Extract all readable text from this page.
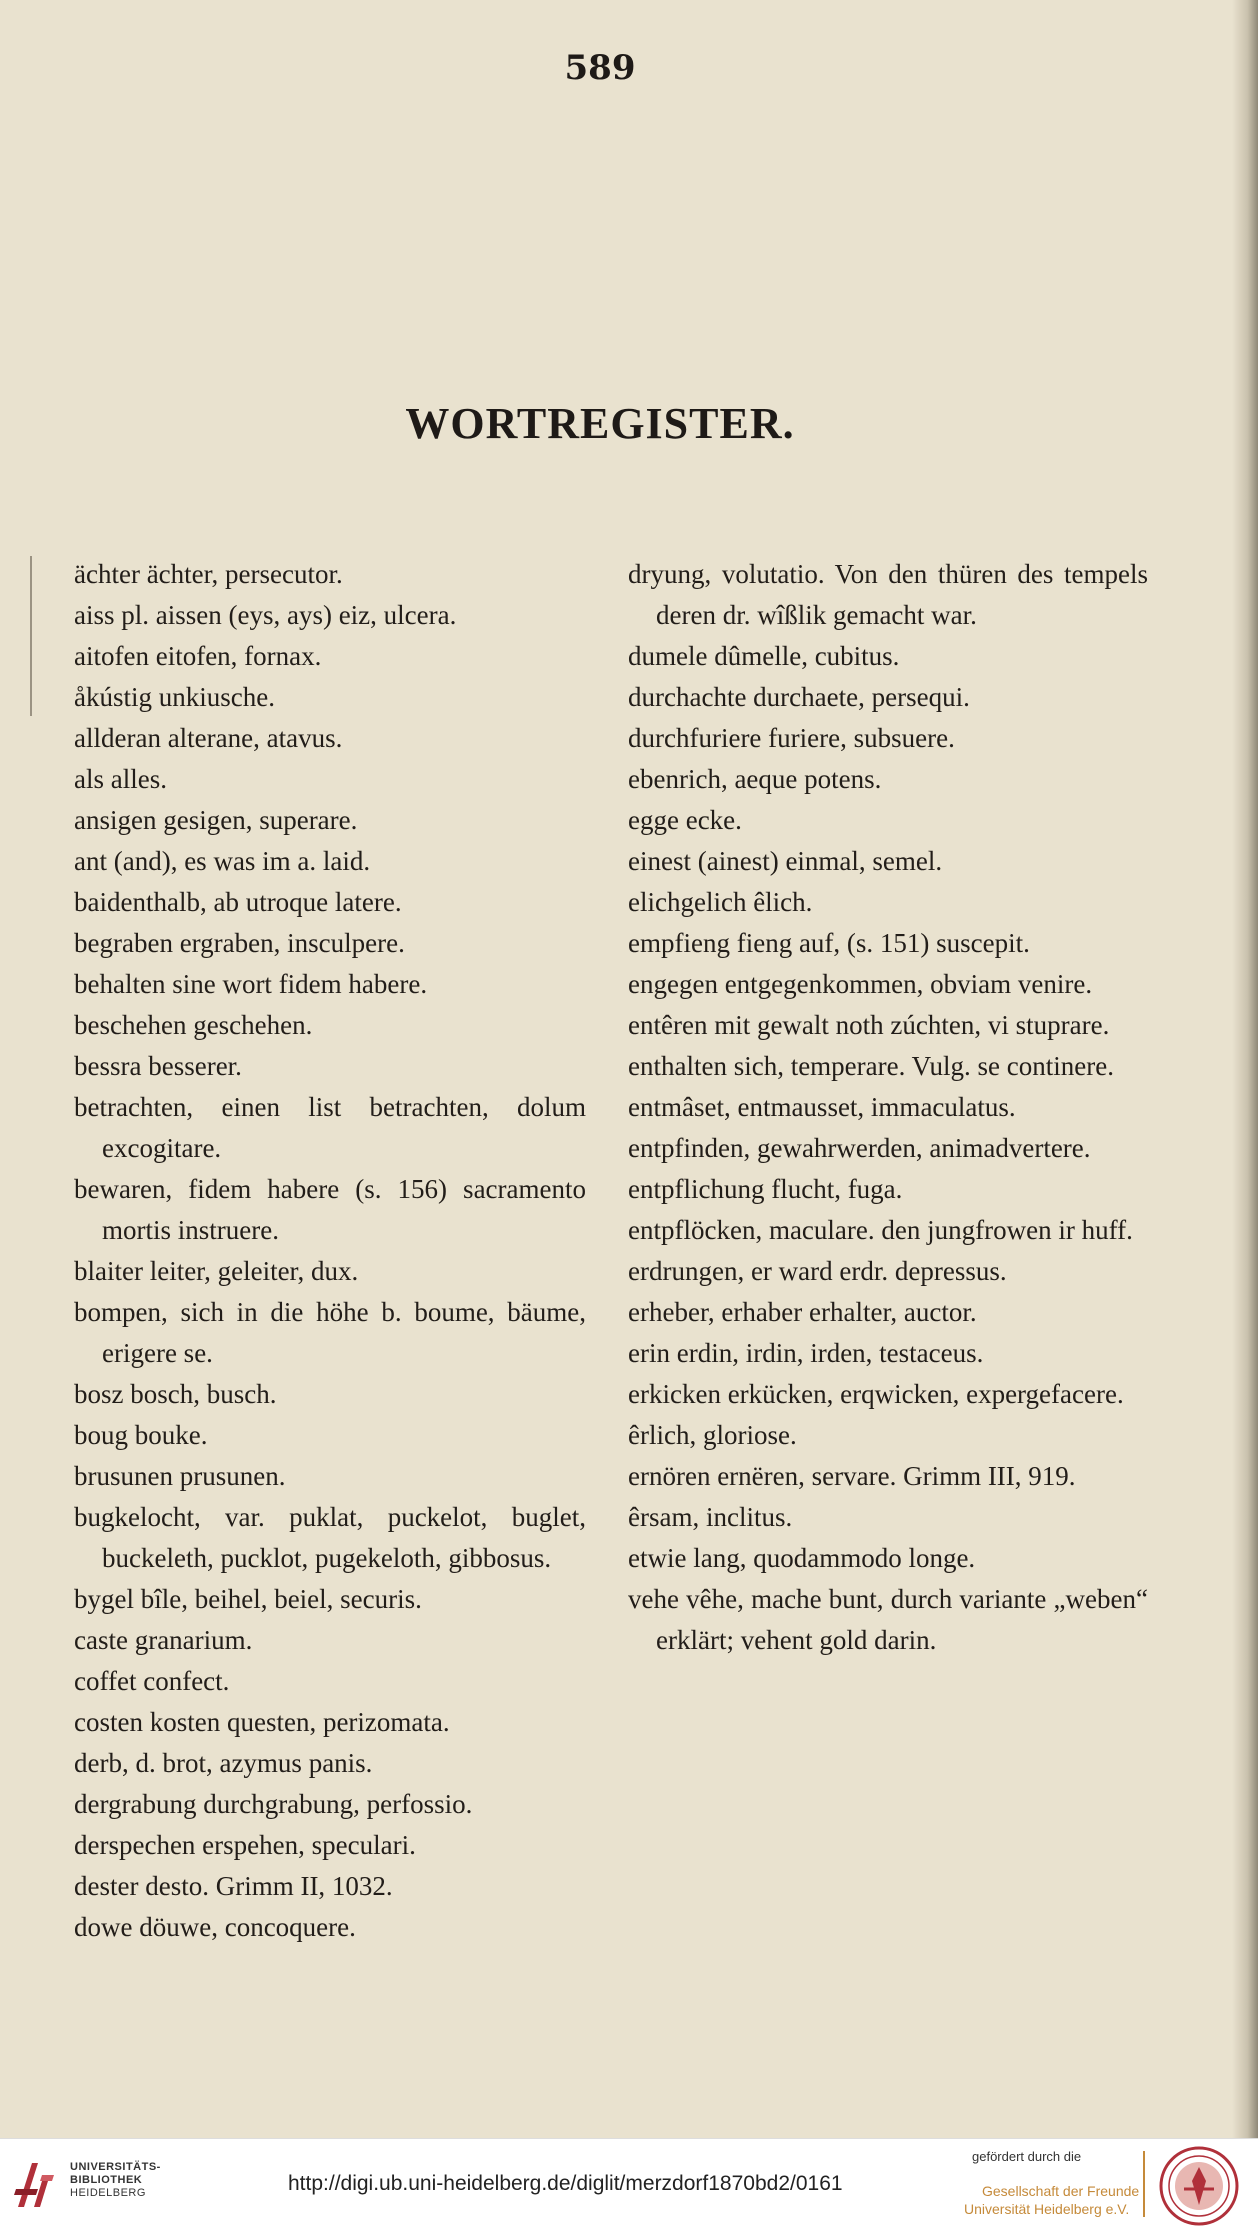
589
WORTREGISTER.
ächter ächter, persecutor.
aiss pl. aissen (eys, ays) eiz, ulcera.
aitofen eitofen, fornax.
åkústig unkiusche.
allderan alterane, atavus.
als alles.
ansigen gesigen, superare.
ant (and), es was im a. laid.
baidenthalb, ab utroque latere.
begraben ergraben, insculpere.
behalten sine wort fidem habere.
beschehen geschehen.
bessra besserer.
betrachten, einen list betrachten, dolum excogitare.
bewaren, fidem habere (s. 156) sacramento mortis instruere.
blaiter leiter, geleiter, dux.
bompen, sich in die höhe b. boume, bäume, erigere se.
bosz bosch, busch.
boug bouke.
brusunen prusunen.
bugkelocht, var. puklat, puckelot, buglet, buckeleth, pucklot, pugekeloth, gibbosus.
bygel bîle, beihel, beiel, securis.
caste granarium.
coffet confect.
costen kosten questen, perizomata.
derb, d. brot, azymus panis.
dergrabung durchgrabung, perfossio.
derspechen erspehen, speculari.
dester desto. Grimm II, 1032.
dowe döuwe, concoquere.
dryung, volutatio. Von den thüren des tempels deren dr. wîßlik gemacht war.
dumele dûmelle, cubitus.
durchachte durchaete, persequi.
durchfuriere furiere, subsuere.
ebenrich, aeque potens.
egge ecke.
einest (ainest) einmal, semel.
elichgelich êlich.
empfieng fieng auf, (s. 151) suscepit.
engegen entgegenkommen, obviam venire.
entêren mit gewalt noth zúchten, vi stuprare.
enthalten sich, temperare. Vulg. se continere.
entmâset, entmausset, immaculatus.
entpfinden, gewahrwerden, animadvertere.
entpflichung flucht, fuga.
entpflöcken, maculare. den jungfrowen ir huff.
erdrungen, er ward erdr. depressus.
erheber, erhaber erhalter, auctor.
erin erdin, irdin, irden, testaceus.
erkicken erkücken, erqwicken, expergefacere.
êrlich, gloriose.
ernören ernëren, servare. Grimm III, 919.
êrsam, inclitus.
etwie lang, quodammodo longe.
vehe vêhe, mache bunt, durch variante „weben“ erklärt; vehent gold darin.
UNIVERSITÄTS-
BIBLIOTHEK
HEIDELBERG	http://digi.ub.uni-heidelberg.de/diglit/merzdorf1870bd2/0161
gefördert durch die
Gesellschaft der Freunde
Universität Heidelberg e.V.
